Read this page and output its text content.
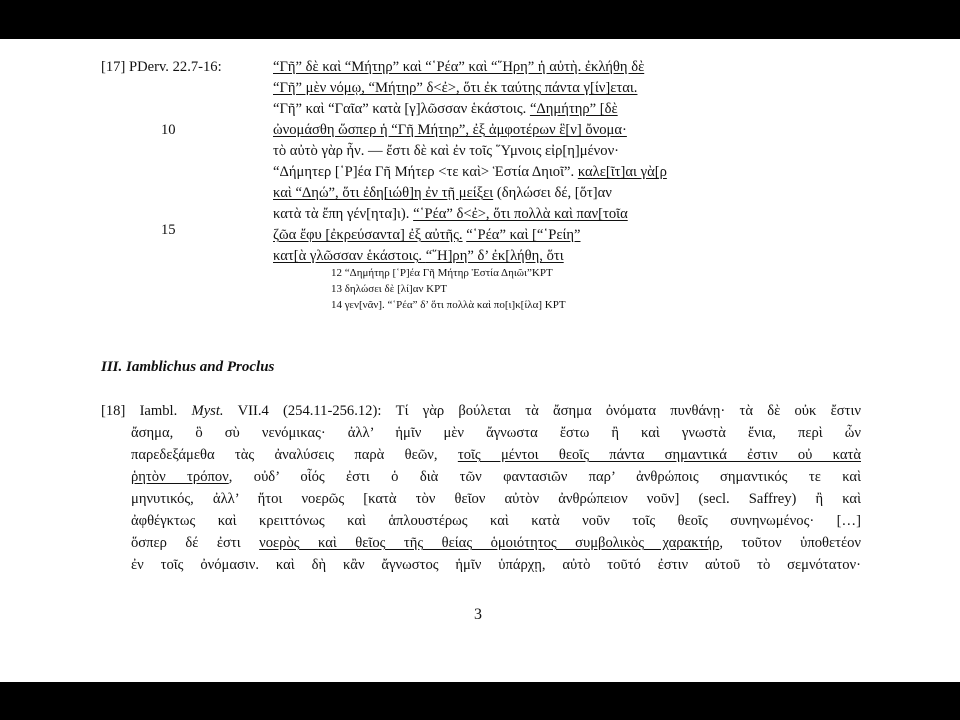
[17] PDerv. 22.7-16:
10
15
“Γῆ” δὲ καὶ “Μήτηρ” καὶ “῾Ρέα” καὶ “῞Ηρη” ἡ αὐτὴ. ἐκλήθη δὲ
“Γῆ” μὲν νόμῳ, “Μήτηρ” δ<ἐ>, ὅτι ἐκ ταύτης πάντα γ[ίν]εται.
“Γῆ” καὶ “Γαῖα” κατὰ [γ]λῶσσαν ἑκάστοις. “Δημήτηρ” [δὲ
ὠνομάσθη ὥσπερ ἡ “Γῆ Μήτηρ”, ἐξ ἀμφοτέρων ἓ[ν] ὄνομα·
τὸ αὐτὸ γὰρ ἦν. — ἔστι δὲ καὶ ἐν τοῖς ῞Υμνοις εἰρ[η]μένον·
“Δήμητερ [῾Ρ]έα Γῆ Μήτερ <τε καὶ> Ἑστία Δηιοῖ”. καλε[ῖτ]αι γὰ[ρ
καὶ “Δηώ”, ὅτι ἐδη[ιώθ]η ἐν τῇ μείξει (δηλώσει δέ, [ὅτ]αν
κατὰ τὰ ἔπη γέν[ητα]ι). “῾Ρέα” δ<ἐ>, ὅτι πολλὰ καὶ παν[τοῖα
ζῶα ἔφυ [ἐκρεύσαντα] ἐξ αὐτῆς. “῾Ρέα” καὶ [“῾Ρείη”
κατ[ὰ γλῶσσαν ἑκάστοις. “῞Η]ρη” δ’ ἐκ[λήθη, ὅτι
12 “Δημήτηρ [῾Ρ]έα Γῆ Μήτηρ Ἑστία Δηιῶι”KPT
13 δηλώσει δὲ [λί]αν KPT
14 γεν[νᾶν]. “῾Ρέα” δ’ ὅτι πολλὰ καὶ πο[ι]κ[ίλα] KPT
III. Iamblichus and Proclus
[18] Iambl. Myst. VII.4 (254.11-256.12): Τί γὰρ βούλεται τὰ ἄσημα ὀνόματα πυνθάνῃ· τὰ δὲ οὐκ ἔστιν
ἄσημα, ὃ σὺ νενόμικας· ἀλλ’ ἡμῖν μὲν ἄγνωστα ἔστω ἢ καὶ γνωστὰ ἔνια, περὶ ὧν
παρεδεξάμεθα τὰς ἀναλύσεις παρὰ θεῶν, τοῖς μέντοι θεοῖς πάντα σημαντικά ἐστιν οὐ κατὰ
ῥητὸν τρόπον, οὐδ’ οἷός ἐστι ὁ διὰ τῶν φαντασιῶν παρ’ ἀνθρώποις σημαντικός τε καὶ
μηνυτικός, ἀλλ’ ἤτοι νοερῶς [κατὰ τὸν θεῖον αὐτὸν ἀνθρώπειον νοῦν] (secl. Saffrey) ἢ καὶ
ἀφθέγκτως καὶ κρειττόνως καὶ ἁπλουστέρως καὶ κατὰ νοῦν τοῖς θεοῖς συνηνωμένος· […]
ὅσπερ δέ ἐστι νοερὸς καὶ θεῖος τῆς θείας ὁμοιότητος συμβολικὸς χαρακτήρ, τοῦτον ὑποθετέον
ἐν τοῖς ὀνόμασιν. καὶ δὴ κἂν ἄγνωστος ἡμῖν ὑπάρχῃ, αὐτὸ τοῦτό ἐστιν αὐτοῦ τὸ σεμνότατον·
3
